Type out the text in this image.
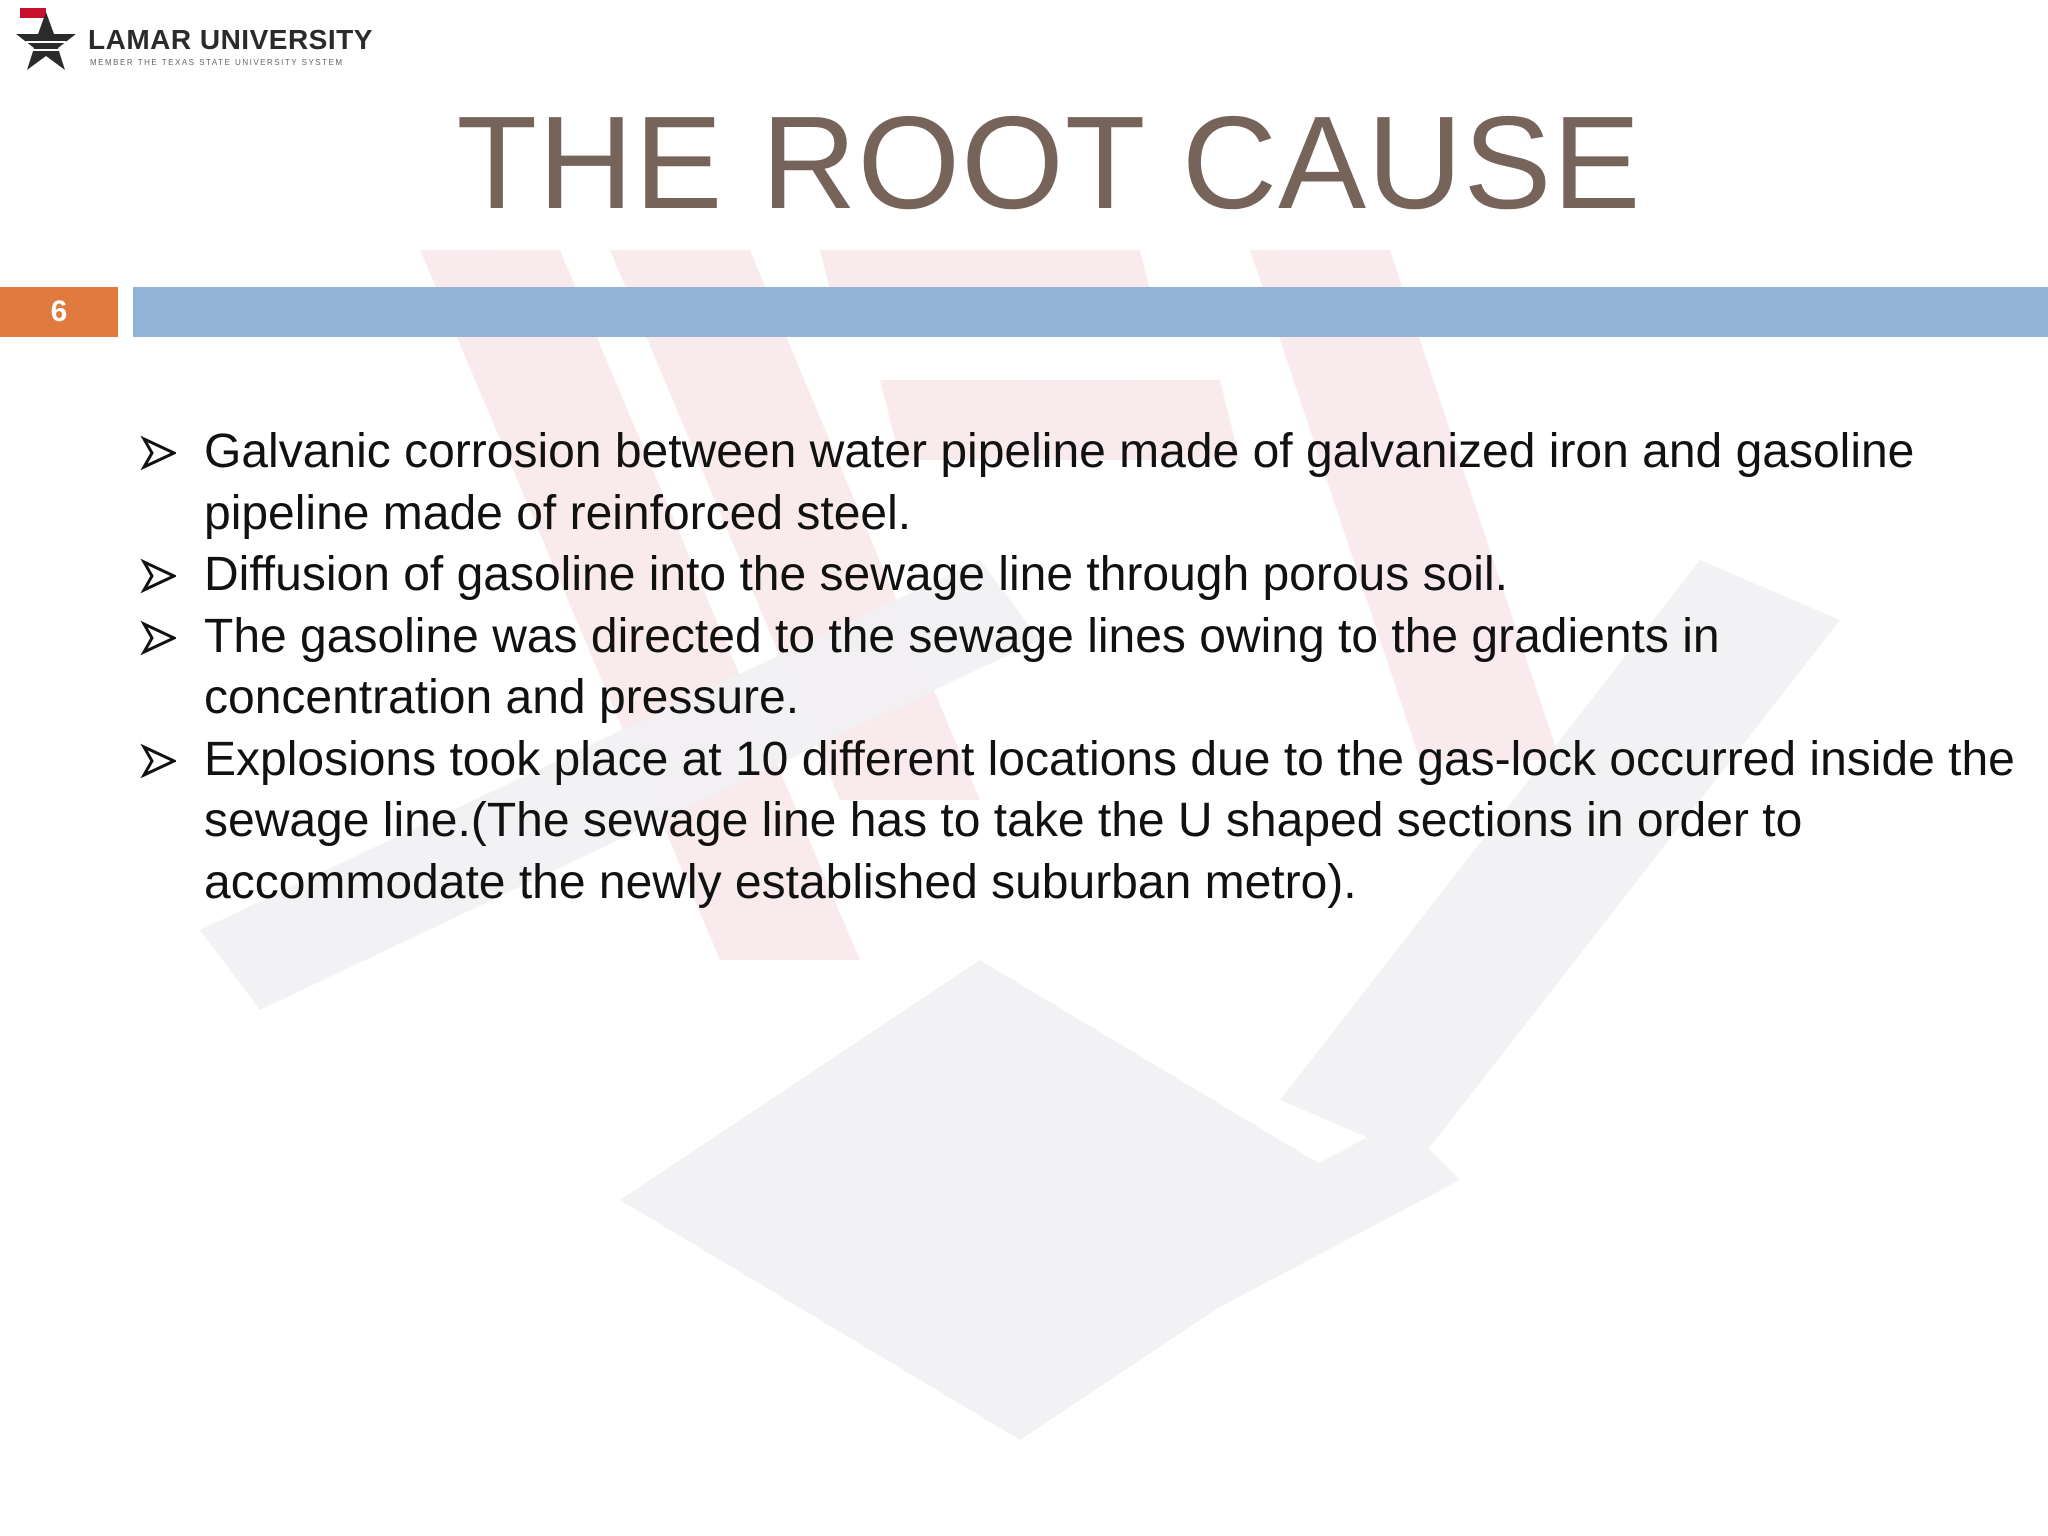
LAMAR UNIVERSITY
MEMBER THE TEXAS STATE UNIVERSITY SYSTEM
THE ROOT CAUSE
6
Galvanic corrosion between water pipeline made of galvanized iron and gasoline pipeline made of reinforced steel.
Diffusion of gasoline into the sewage line through porous soil.
The gasoline was directed to the sewage lines owing to the gradients in concentration and pressure.
Explosions took place at 10 different locations due to the gas-lock occurred inside the sewage line.(The sewage line has to take the U shaped sections in order to accommodate the newly established suburban metro).
